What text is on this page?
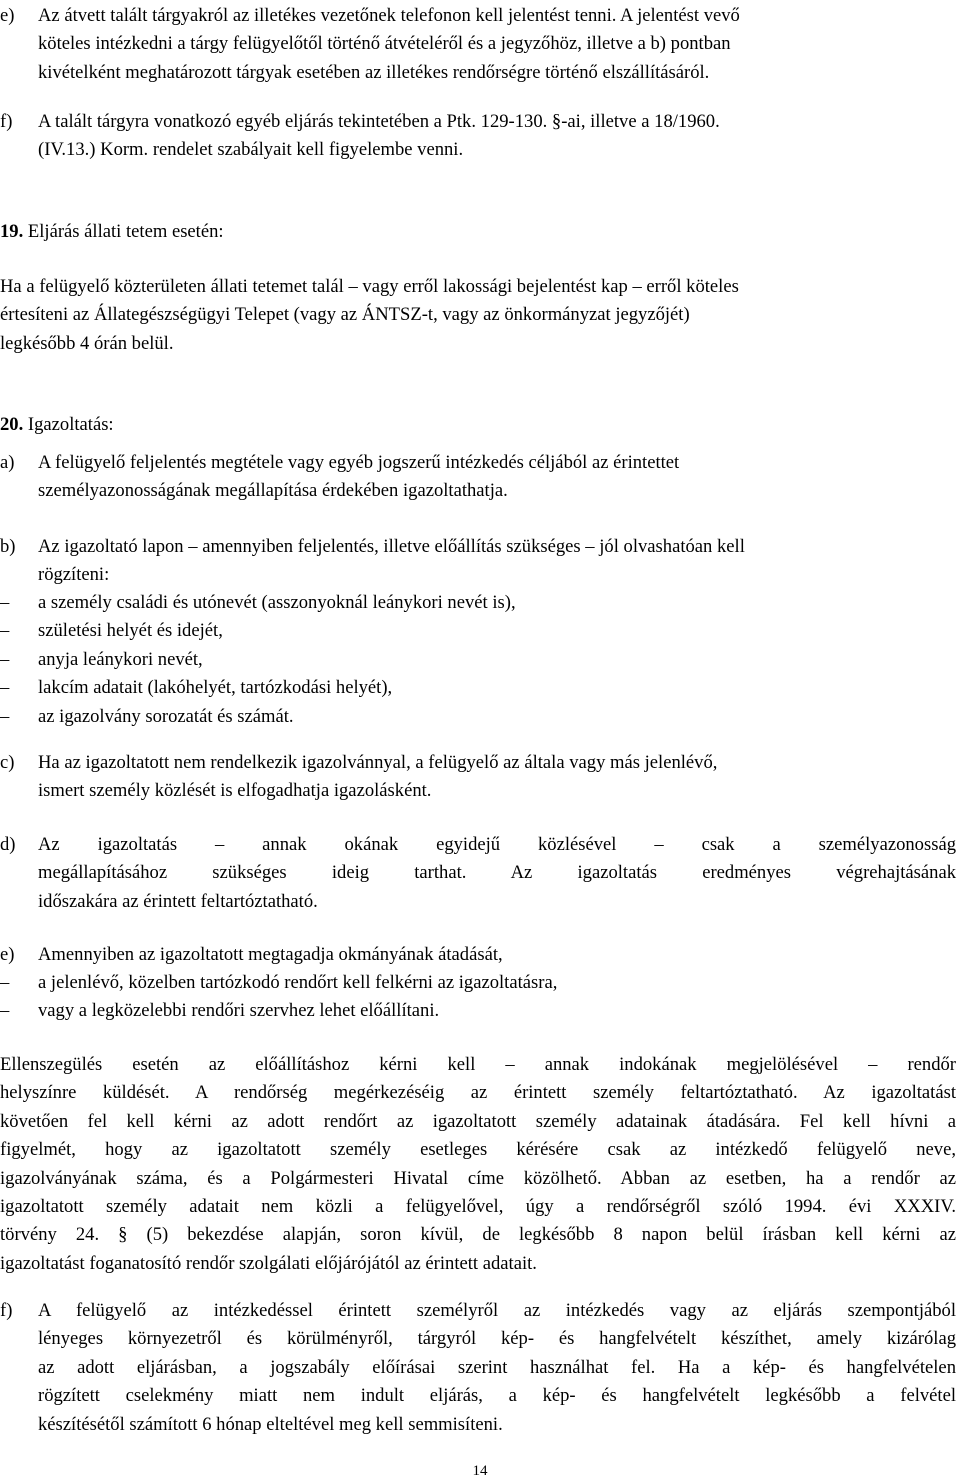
e)	Az átvett talált tárgyakról az illetékes vezetőnek telefonon kell jelentést tenni. A jelentést vevő
köteles intézkedni a tárgy felügyelőtől történő átvételéről és a jegyzőhöz, illetve a b) pontban
kivételként meghatározott tárgyak esetében az illetékes rendőrségre történő elszállításáról.
f)	A talált tárgyra vonatkozó egyéb eljárás tekintetében a Ptk. 129-130. §-ai, illetve a 18/1960.
(IV.13.) Korm. rendelet szabályait kell figyelembe venni.
19. Eljárás állati tetem esetén:
Ha a felügyelő közterületen állati tetemet talál – vagy erről lakossági bejelentést kap – erről köteles
értesíteni az Állategészségügyi Telepet (vagy az ÁNTSZ-t, vagy az önkormányzat jegyzőjét)
legkésőbb 4 órán belül.
20. Igazoltatás:
a)	A felügyelő feljelentés megtétele vagy egyéb jogszerű intézkedés céljából az érintettet
személyazonosságának megállapítása érdekében igazoltathatja.
b)	Az igazoltató lapon – amennyiben feljelentés, illetve előállítás szükséges – jól olvashatóan kell
rögzíteni:
–	a személy családi és utónevét (asszonyoknál leánykori nevét is),
–	születési helyét és idejét,
–	anyja leánykori nevét,
–	lakcím adatait (lakóhelyét, tartózkodási helyét),
–	az igazolvány sorozatát és számát.
c)	Ha az igazoltatott nem rendelkezik igazolvánnyal, a felügyelő az általa vagy más jelenlévő,
ismert személy közlését is elfogadhatja igazolásként.
d)	Az igazoltatás – annak okának egyidejű közlésével – csak a személyazonosság
megállapításához szükséges ideig tarthat. Az igazoltatás eredményes végrehajtásának
időszakára az érintett feltartóztatható.
e)	Amennyiben az igazoltatott megtagadja okmányának átadását,
–	a jelenlévő, közelben tartózkodó rendőrt kell felkérni az igazoltatásra,
–	vagy a legközelebbi rendőri szervhez lehet előállítani.
Ellenszegülés esetén az előállításhoz kérni kell – annak indokának megjelölésével – rendőr
helyszínre küldését. A rendőrség megérkezéséig az érintett személy feltartóztatható. Az igazoltatást
követően fel kell kérni az adott rendőrt az igazoltatott személy adatainak átadására. Fel kell hívni a
figyelmét, hogy az igazoltatott személy esetleges kérésére csak az intézkedő felügyelő neve,
igazolványának száma, és a Polgármesteri Hivatal címe közölhető. Abban az esetben, ha a rendőr az
igazoltatott személy adatait nem közli a felügyelővel, úgy a rendőrségről szóló 1994. évi XXXIV.
törvény 24. § (5) bekezdése alapján, soron kívül, de legkésőbb 8 napon belül írásban kell kérni az
igazoltatást foganatosító rendőr szolgálati előjárójától az érintett adatait.
f)	A felügyelő az intézkedéssel érintett személyről az intézkedés vagy az eljárás szempontjából
lényeges környezetről és körülményről, tárgyról kép- és hangfelvételt készíthet, amely kizárólag
az adott eljárásban, a jogszabály előírásai szerint használhat fel. Ha a kép- és hangfelvételen
rögzített cselekmény miatt nem indult eljárás, a kép- és hangfelvételt legkésőbb a felvétel
készítésétől számított 6 hónap elteltével meg kell semmisíteni.
14
